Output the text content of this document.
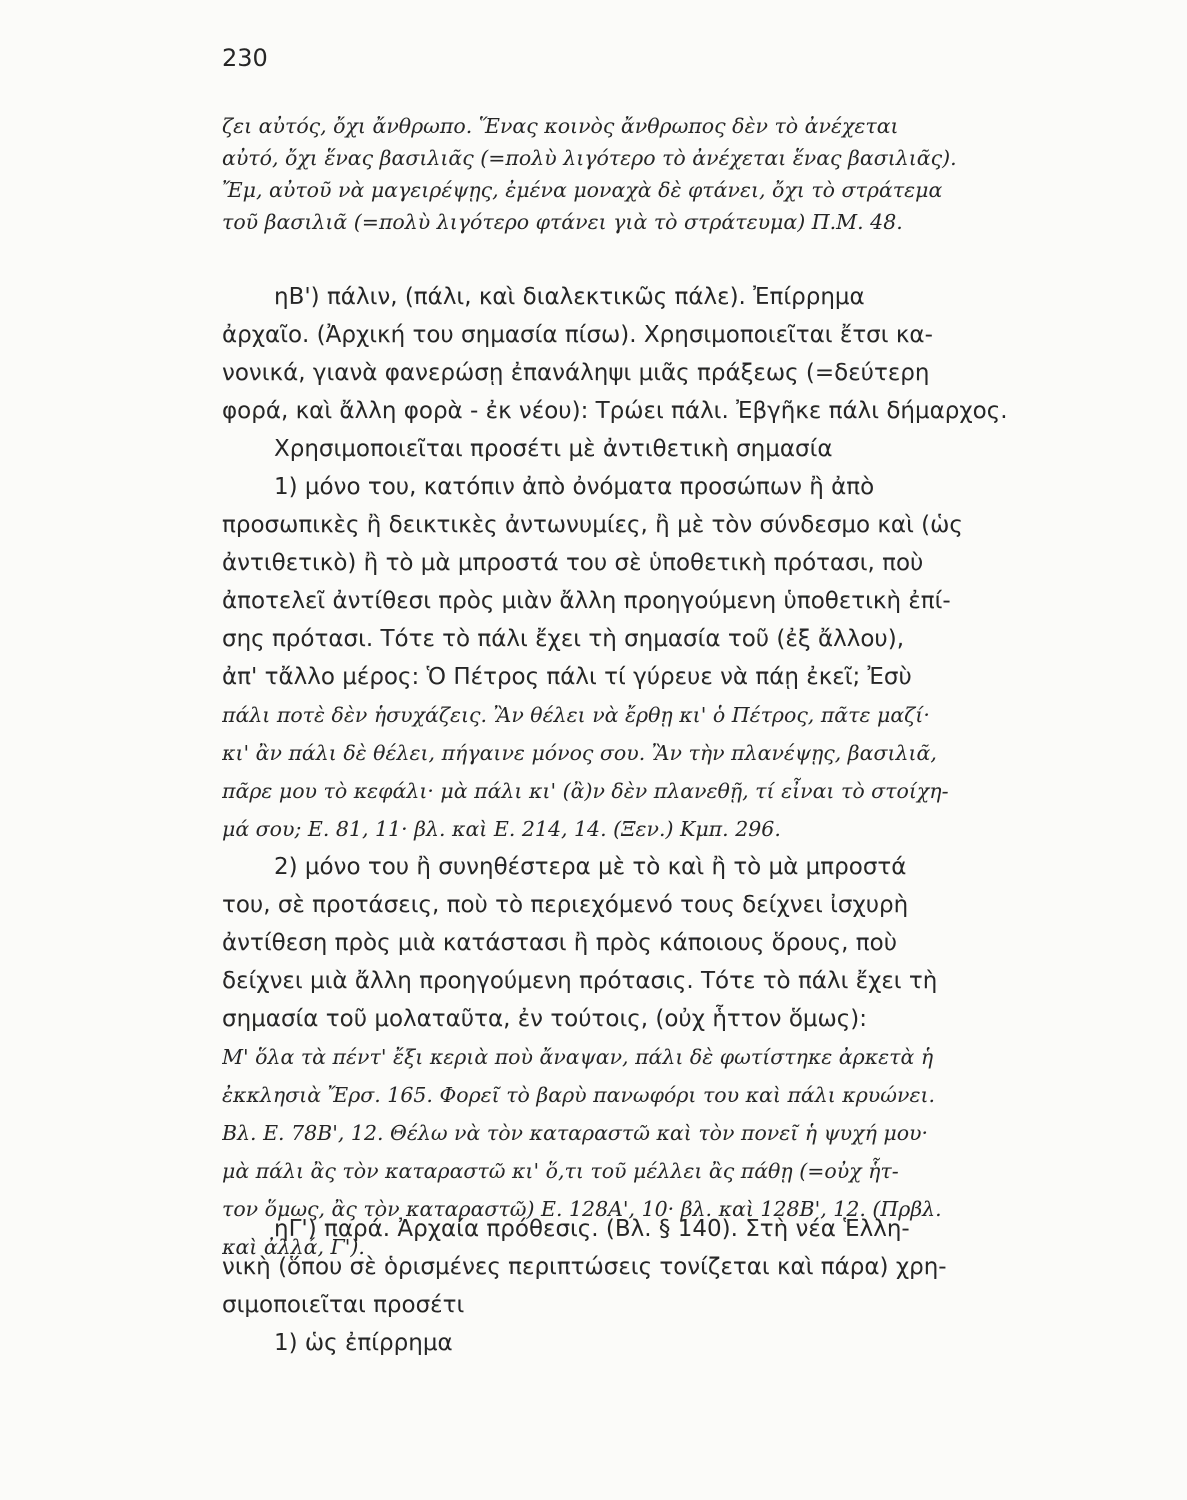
230
ζει αὐτός, ὄχι ἄνθρωπο. Ἕνας κοινὸς ἄνθρωπος δὲν τὸ ἀνέχεται
αὐτό, ὄχι ἕνας βασιλιᾶς (=πολὺ λιγότερο τὸ ἀνέχεται ἕνας βασιλιᾶς).
Ἔμ, αὐτοῦ νὰ μαγειρέψῃς, ἐμένα μοναχὰ δὲ φτάνει, ὄχι τὸ στράτεμα
τοῦ βασιλιᾶ (=πολὺ λιγότερο φτάνει γιὰ τὸ στράτευμα) Π.Μ. 48.
ηΒ') πάλιν, (πάλι, καὶ διαλεκτικῶς πάλε). Ἐπίρρημα
ἀρχαῖο. (Ἀρχική του σημασία πίσω). Χρησιμοποιεῖται ἔτσι κα-
νονικά, γιανὰ φανερώσῃ ἐπανάληψι μιᾶς πράξεως (=δεύτερη
φορά, καὶ ἄλλη φορὰ - ἐκ νέου): Τρώει πάλι. Ἐβγῆκε πάλι δήμαρχος.
Χρησιμοποιεῖται προσέτι μὲ ἀντιθετικὴ σημασία
1) μόνο του, κατόπιν ἀπὸ ὀνόματα προσώπων ἢ ἀπὸ
προσωπικὲς ἢ δεικτικὲς ἀντωνυμίες, ἢ μὲ τὸν σύνδεσμο καὶ (ὡς
ἀντιθετικὸ) ἢ τὸ μὰ μπροστά του σὲ ὑποθετικὴ πρότασι, ποὺ
ἀποτελεῖ ἀντίθεσι πρὸς μιὰν ἄλλη προηγούμενη ὑποθετικὴ ἐπί-
σης πρότασι. Τότε τὸ πάλι ἔχει τὴ σημασία τοῦ (ἐξ ἄλλου),
ἀπ' τἄλλο μέρος: Ὁ Πέτρος πάλι τί γύρευε νὰ πάῃ ἐκεῖ; Ἐσὺ
πάλι ποτὲ δὲν ἡσυχάζεις. Ἂν θέλει νὰ ἔρθῃ κι' ὁ Πέτρος, πᾶτε μαζί·
κι' ἂν πάλι δὲ θέλει, πήγαινε μόνος σου. Ἂν τὴν πλανέψῃς, βασιλιᾶ,
πᾶρε μου τὸ κεφάλι· μὰ πάλι κι' (ἂ)ν δὲν πλανεθῇ, τί εἶναι τὸ στοίχη-
μά σου; Ε. 81, 11· βλ. καὶ Ε. 214, 14. (Ξεν.) Κμπ. 296.
2) μόνο του ἢ συνηθέστερα μὲ τὸ καὶ ἢ τὸ μὰ μπροστά
του, σὲ προτάσεις, ποὺ τὸ περιεχόμενό τους δείχνει ἰσχυρὴ
ἀντίθεση πρὸς μιὰ κατάστασι ἢ πρὸς κάποιους ὅρους, ποὺ
δείχνει μιὰ ἄλλη προηγούμενη πρότασις. Τότε τὸ πάλι ἔχει τὴ
σημασία τοῦ μολαταῦτα, ἐν τούτοις, (οὐχ ἧττον ὅμως):
Μ' ὅλα τὰ πέντ' ἔξι κεριὰ ποὺ ἄναψαν, πάλι δὲ φωτίστηκε ἀρκετὰ ἡ
ἐκκλησιὰ Ἔρσ. 165. Φορεῖ τὸ βαρὺ πανωφόρι του καὶ πάλι κρυώνει.
Βλ. Ε. 78Β', 12. Θέλω νὰ τὸν καταραστῶ καὶ τὸν πονεῖ ἡ ψυχή μου·
μὰ πάλι ἂς τὸν καταραστῶ κι' ὅ,τι τοῦ μέλλει ἂς πάθῃ (=οὐχ ἧτ-
τον ὅμως, ἂς τὸν καταραστῶ) Ε. 128Α', 10· βλ. καὶ 128Β', 12. (Πρβλ.
καὶ ἀλλά, Γ').
ηΓ') παρά. Ἀρχαία πρόθεσις. (Βλ. § 140). Στὴ νέα Ἑλλη-
νικὴ (ὅπου σὲ ὁρισμένες περιπτώσεις τονίζεται καὶ πάρα) χρη-
σιμοποιεῖται προσέτι
1) ὡς ἐπίρρημα
